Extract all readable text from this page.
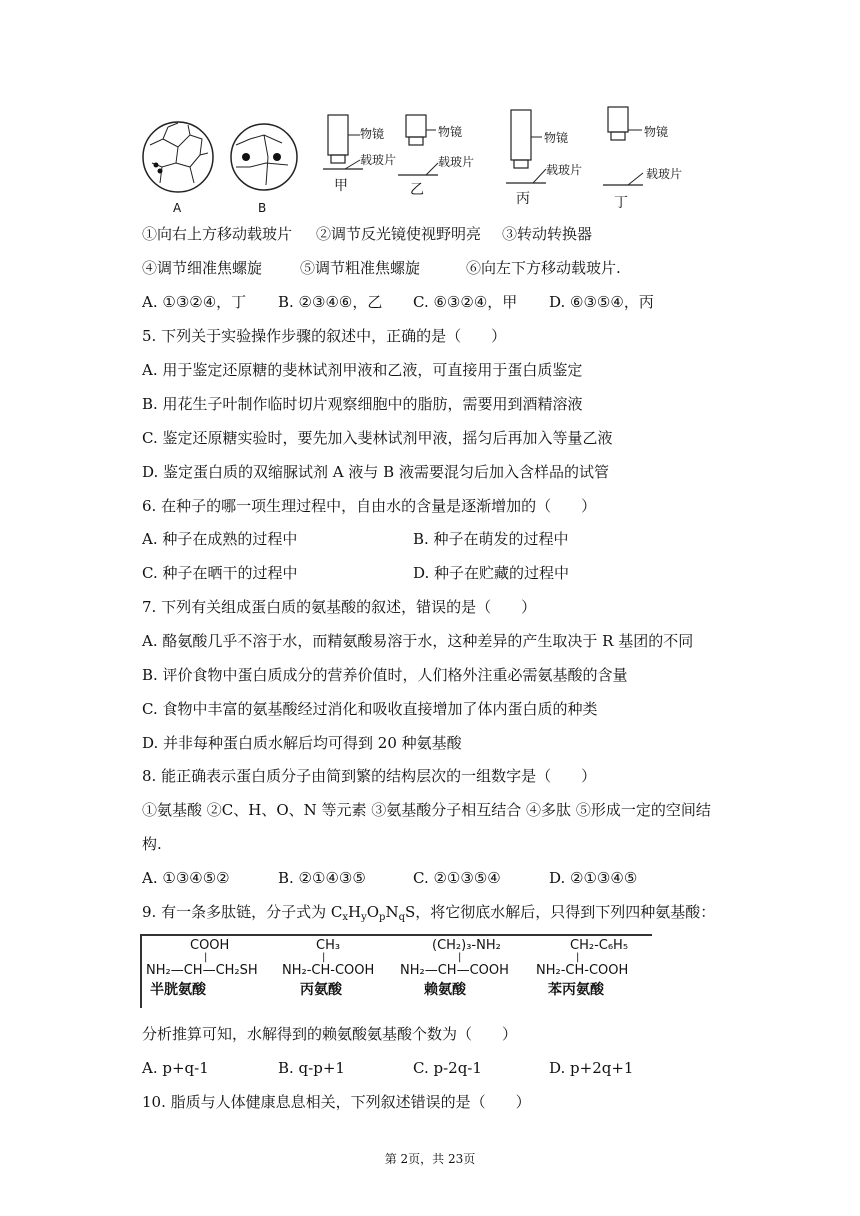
A	B
物镜
载玻片
甲
物镜
载玻片
乙
物镜
载玻片
丙
物镜
载玻片
丁
①向右上方移动载玻片 ②调节反光镜使视野明亮 ③转动转换器
④调节细准焦螺旋	⑤调节粗准焦螺旋	⑥向左下方移动载玻片.
A. ①③②④，丁 B. ②③④⑥，乙 C. ⑥③②④，甲 D. ⑥③⑤④，丙
5. 下列关于实验操作步骤的叙述中，正确的是（　　）
A. 用于鉴定还原糖的斐林试剂甲液和乙液，可直接用于蛋白质鉴定
B. 用花生子叶制作临时切片观察细胞中的脂肪，需要用到酒精溶液
C. 鉴定还原糖实验时，要先加入斐林试剂甲液，摇匀后再加入等量乙液
D. 鉴定蛋白质的双缩脲试剂 A 液与 B 液需要混匀后加入含样品的试管
6. 在种子的哪一项生理过程中，自由水的含量是逐渐增加的（　　）
A. 种子在成熟的过程中	B. 种子在萌发的过程中
C. 种子在晒干的过程中	D. 种子在贮藏的过程中
7. 下列有关组成蛋白质的氨基酸的叙述，错误的是（　　）
A. 酪氨酸几乎不溶于水，而精氨酸易溶于水，这种差异的产生取决于 R 基团的不同
B. 评价食物中蛋白质成分的营养价值时，人们格外注重必需氨基酸的含量
C. 食物中丰富的氨基酸经过消化和吸收直接增加了体内蛋白质的种类
D. 并非每种蛋白质水解后均可得到 20 种氨基酸
8. 能正确表示蛋白质分子由简到繁的结构层次的一组数字是（　　）
①氨基酸 ②C、H、O、N 等元素 ③氨基酸分子相互结合 ④多肽 ⑤形成一定的空间结
构.
A. ①③④⑤②	B. ②①④③⑤	C. ②①③⑤④	D. ②①③④⑤
9. 有一条多肽链，分子式为 $C_xH_yO_pN_qS$，将它彻底水解后，只得到下列四种氨基酸：
COOH
|
NH₂—CH—CH₂SH
半胱氨酸
CH₃
|
NH₂-CH-COOH
丙氨酸
(CH₂)₃-NH₂
|
NH₂—CH—COOH
赖氨酸
CH₂-C₆H₅
|
NH₂-CH-COOH
苯丙氨酸
分析推算可知，水解得到的赖氨酸氨基酸个数为（　　）
A. p+q-1	B. q-p+1	C. p-2q-1	D. p+2q+1
10. 脂质与人体健康息息相关，下列叙述错误的是（　　）
第 2页，共 23页
